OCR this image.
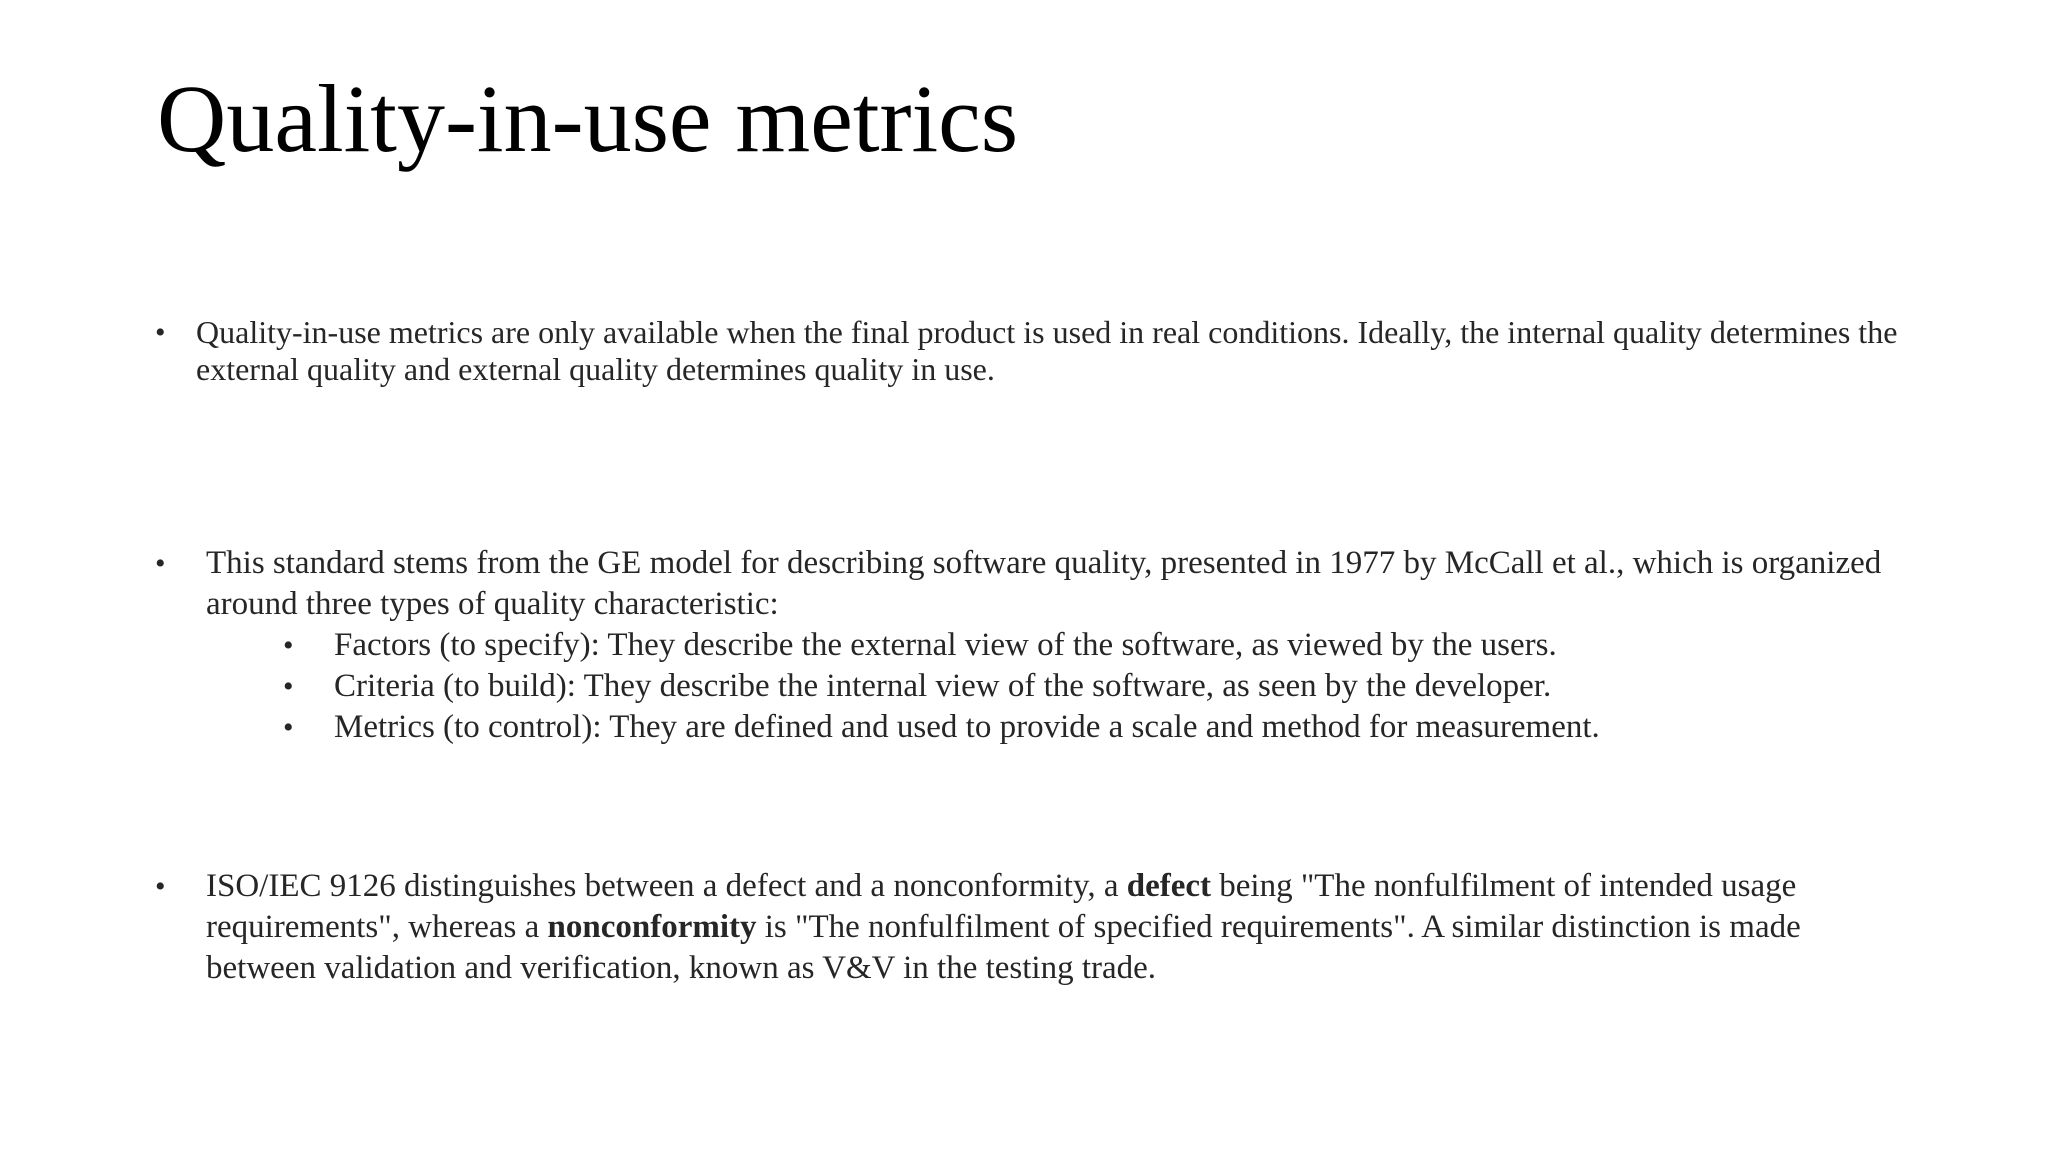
Quality-in-use metrics
• Quality-in-use metrics are only available when the final product is used in real conditions. Ideally, the internal quality determines the external quality and external quality determines quality in use.
• This standard stems from the GE model for describing software quality, presented in 1977 by McCall et al., which is organized around three types of quality characteristic:
• Factors (to specify): They describe the external view of the software, as viewed by the users.
• Criteria (to build): They describe the internal view of the software, as seen by the developer.
• Metrics (to control): They are defined and used to provide a scale and method for measurement.
• ISO/IEC 9126 distinguishes between a defect and a nonconformity, a defect being "The nonfulfilment of intended usage requirements", whereas a nonconformity is "The nonfulfilment of specified requirements". A similar distinction is made between validation and verification, known as V&V in the testing trade.
